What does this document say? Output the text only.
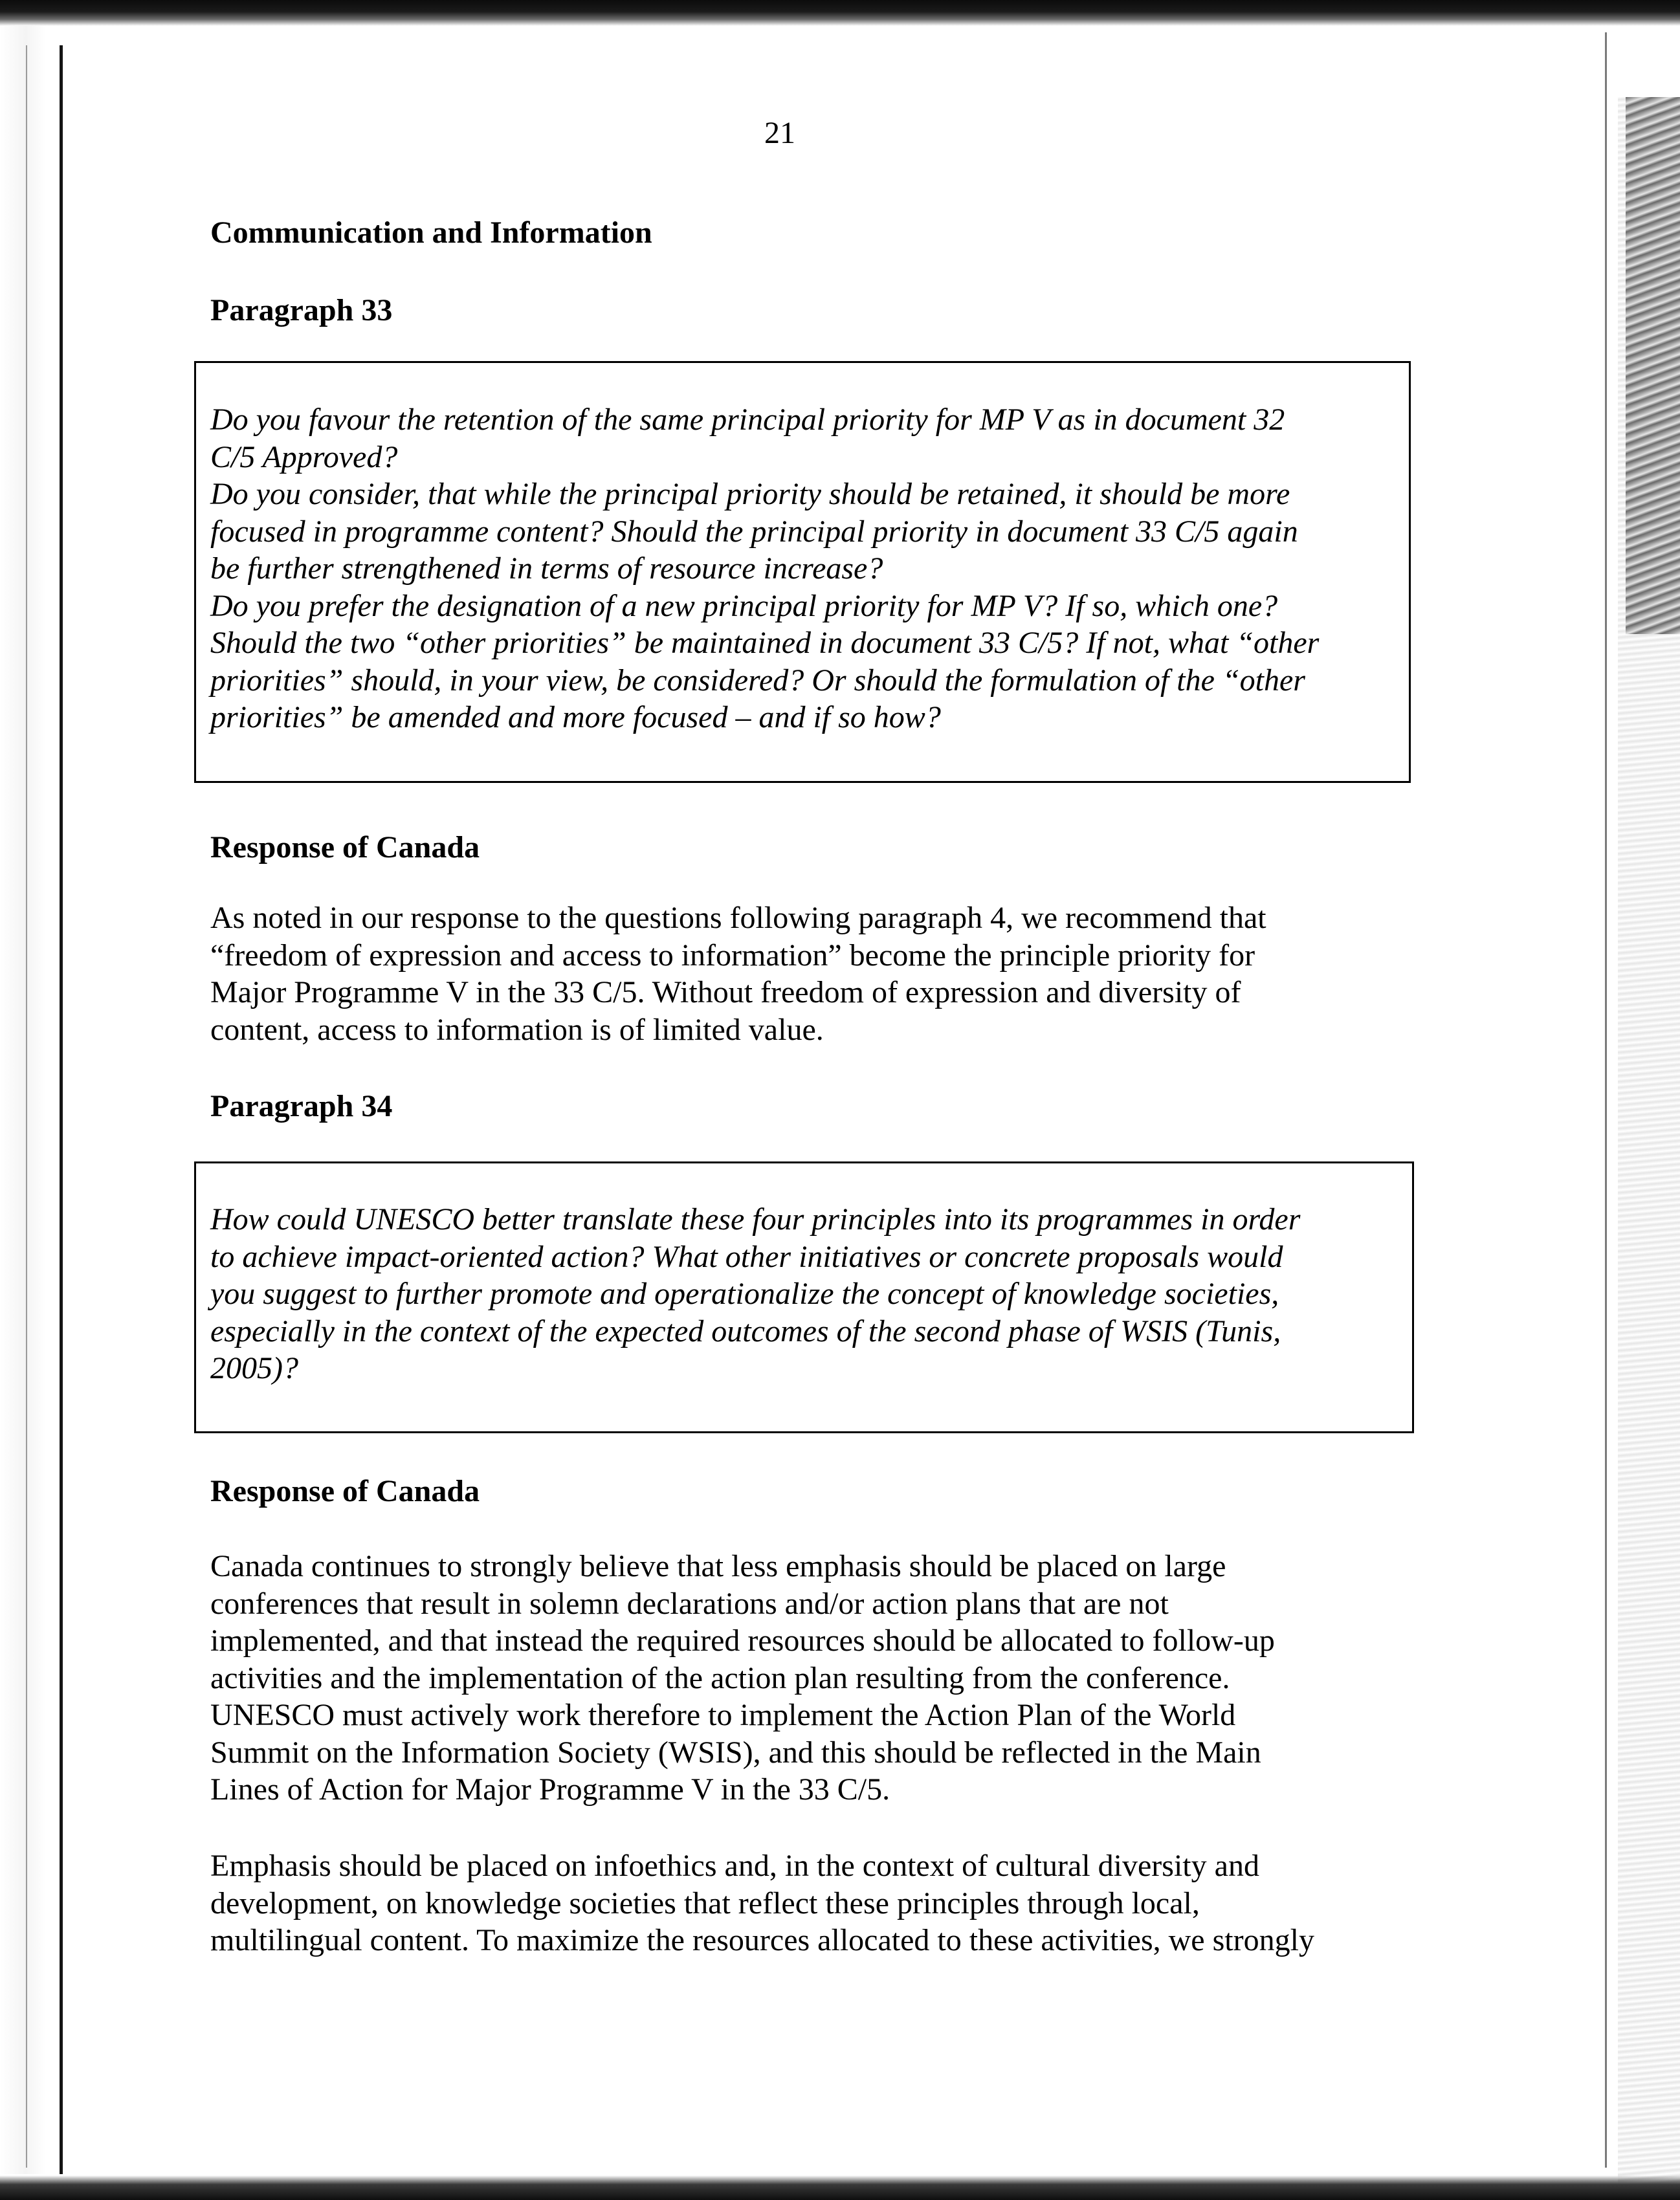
21
Communication and Information
Paragraph 33
Do you favour the retention of the same principal priority for MP V as in document 32
C/5 Approved?
Do you consider, that while the principal priority should be retained, it should be more
focused in programme content? Should the principal priority in document 33 C/5 again
be further strengthened in terms of resource increase?
Do you prefer the designation of a new principal priority for MP V? If so, which one?
Should the two “other priorities” be maintained in document 33 C/5? If not, what “other
priorities” should, in your view, be considered? Or should the formulation of the “other
priorities” be amended and more focused – and if so how?
Response of Canada
As noted in our response to the questions following paragraph 4, we recommend that
“freedom of expression and access to information” become the principle priority for
Major Programme V in the 33 C/5. Without freedom of expression and diversity of
content, access to information is of limited value.
Paragraph 34
How could UNESCO better translate these four principles into its programmes in order
to achieve impact-oriented action? What other initiatives or concrete proposals would
you suggest to further promote and operationalize the concept of knowledge societies,
especially in the context of the expected outcomes of the second phase of WSIS (Tunis,
2005)?
Response of Canada
Canada continues to strongly believe that less emphasis should be placed on large
conferences that result in solemn declarations and/or action plans that are not
implemented, and that instead the required resources should be allocated to follow-up
activities and the implementation of the action plan resulting from the conference.
UNESCO must actively work therefore to implement the Action Plan of the World
Summit on the Information Society (WSIS), and this should be reflected in the Main
Lines of Action for Major Programme V in the 33 C/5.
Emphasis should be placed on infoethics and, in the context of cultural diversity and
development, on knowledge societies that reflect these principles through local,
multilingual content. To maximize the resources allocated to these activities, we strongly
